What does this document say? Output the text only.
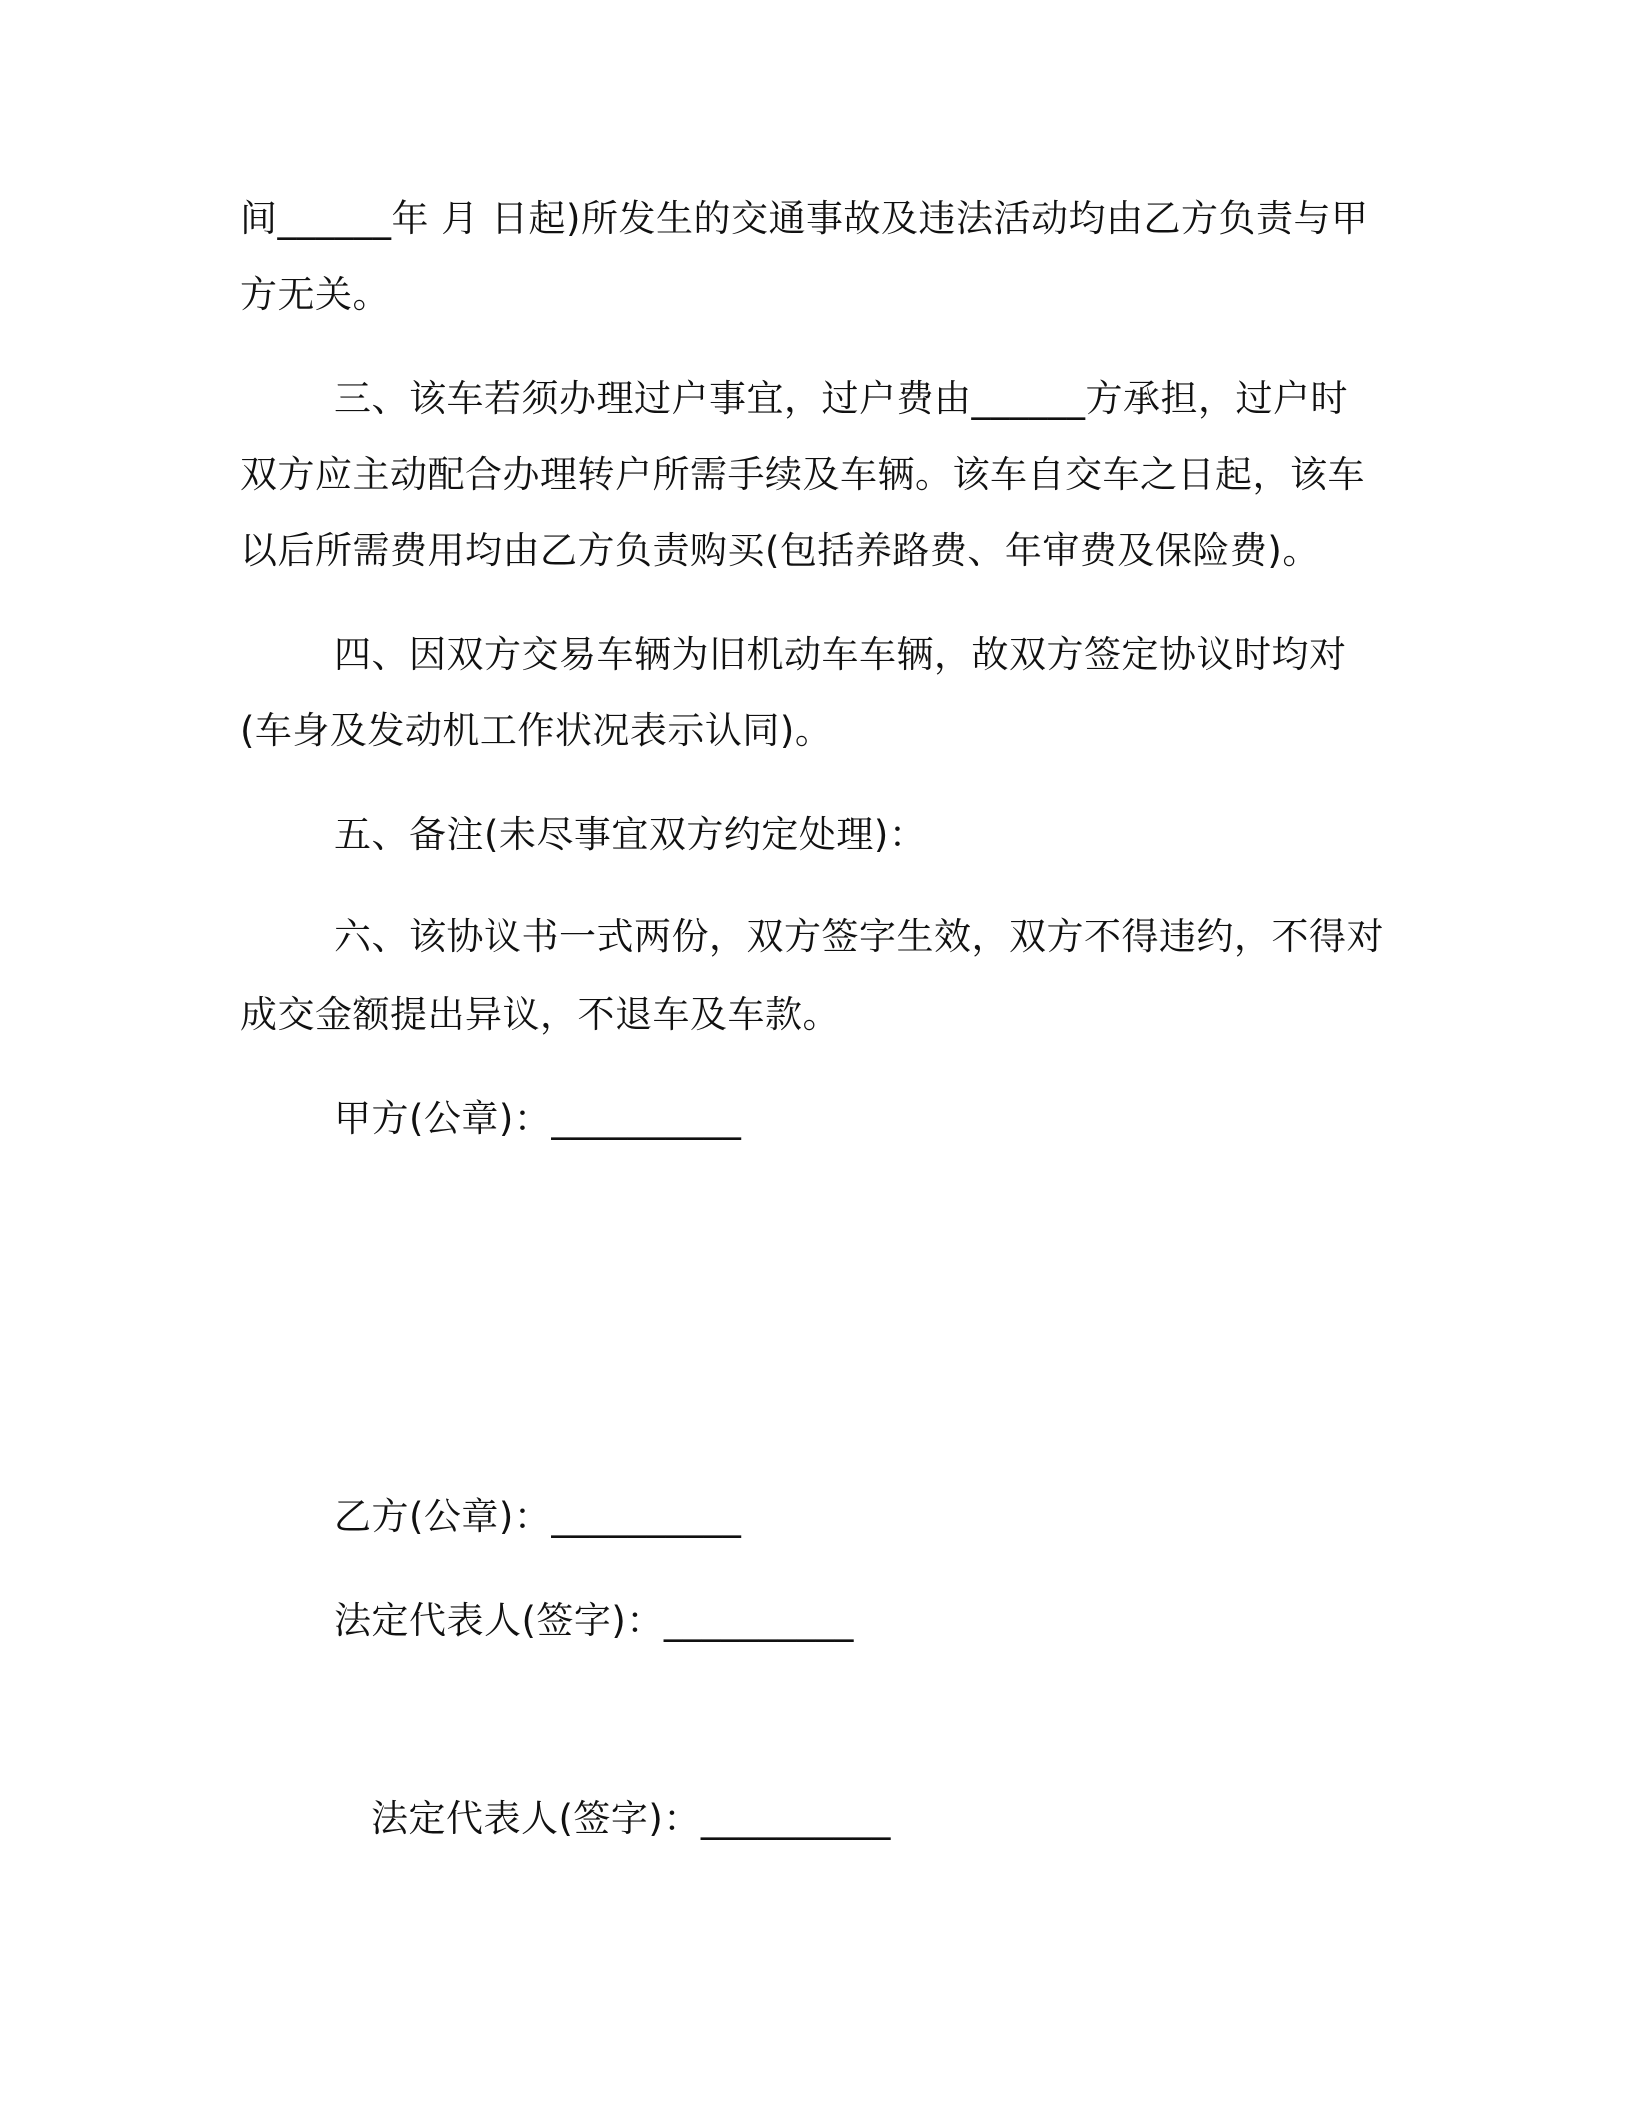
间______年 月 日起)所发生的交通事故及违法活动均由乙方负责与甲
方无关。
三、该车若须办理过户事宜，过户费由______方承担，过户时
双方应主动配合办理转户所需手续及车辆。该车自交车之日起，该车
以后所需费用均由乙方负责购买(包括养路费、年审费及保险费)。
四、因双方交易车辆为旧机动车车辆，故双方签定协议时均对
(车身及发动机工作状况表示认同)。
五、备注(未尽事宜双方约定处理)：
六、该协议书一式两份，双方签字生效，双方不得违约，不得对
成交金额提出异议，不退车及车款。
甲方(公章)：__________
乙方(公章)：__________
法定代表人(签字)：__________
法定代表人(签字)：__________
